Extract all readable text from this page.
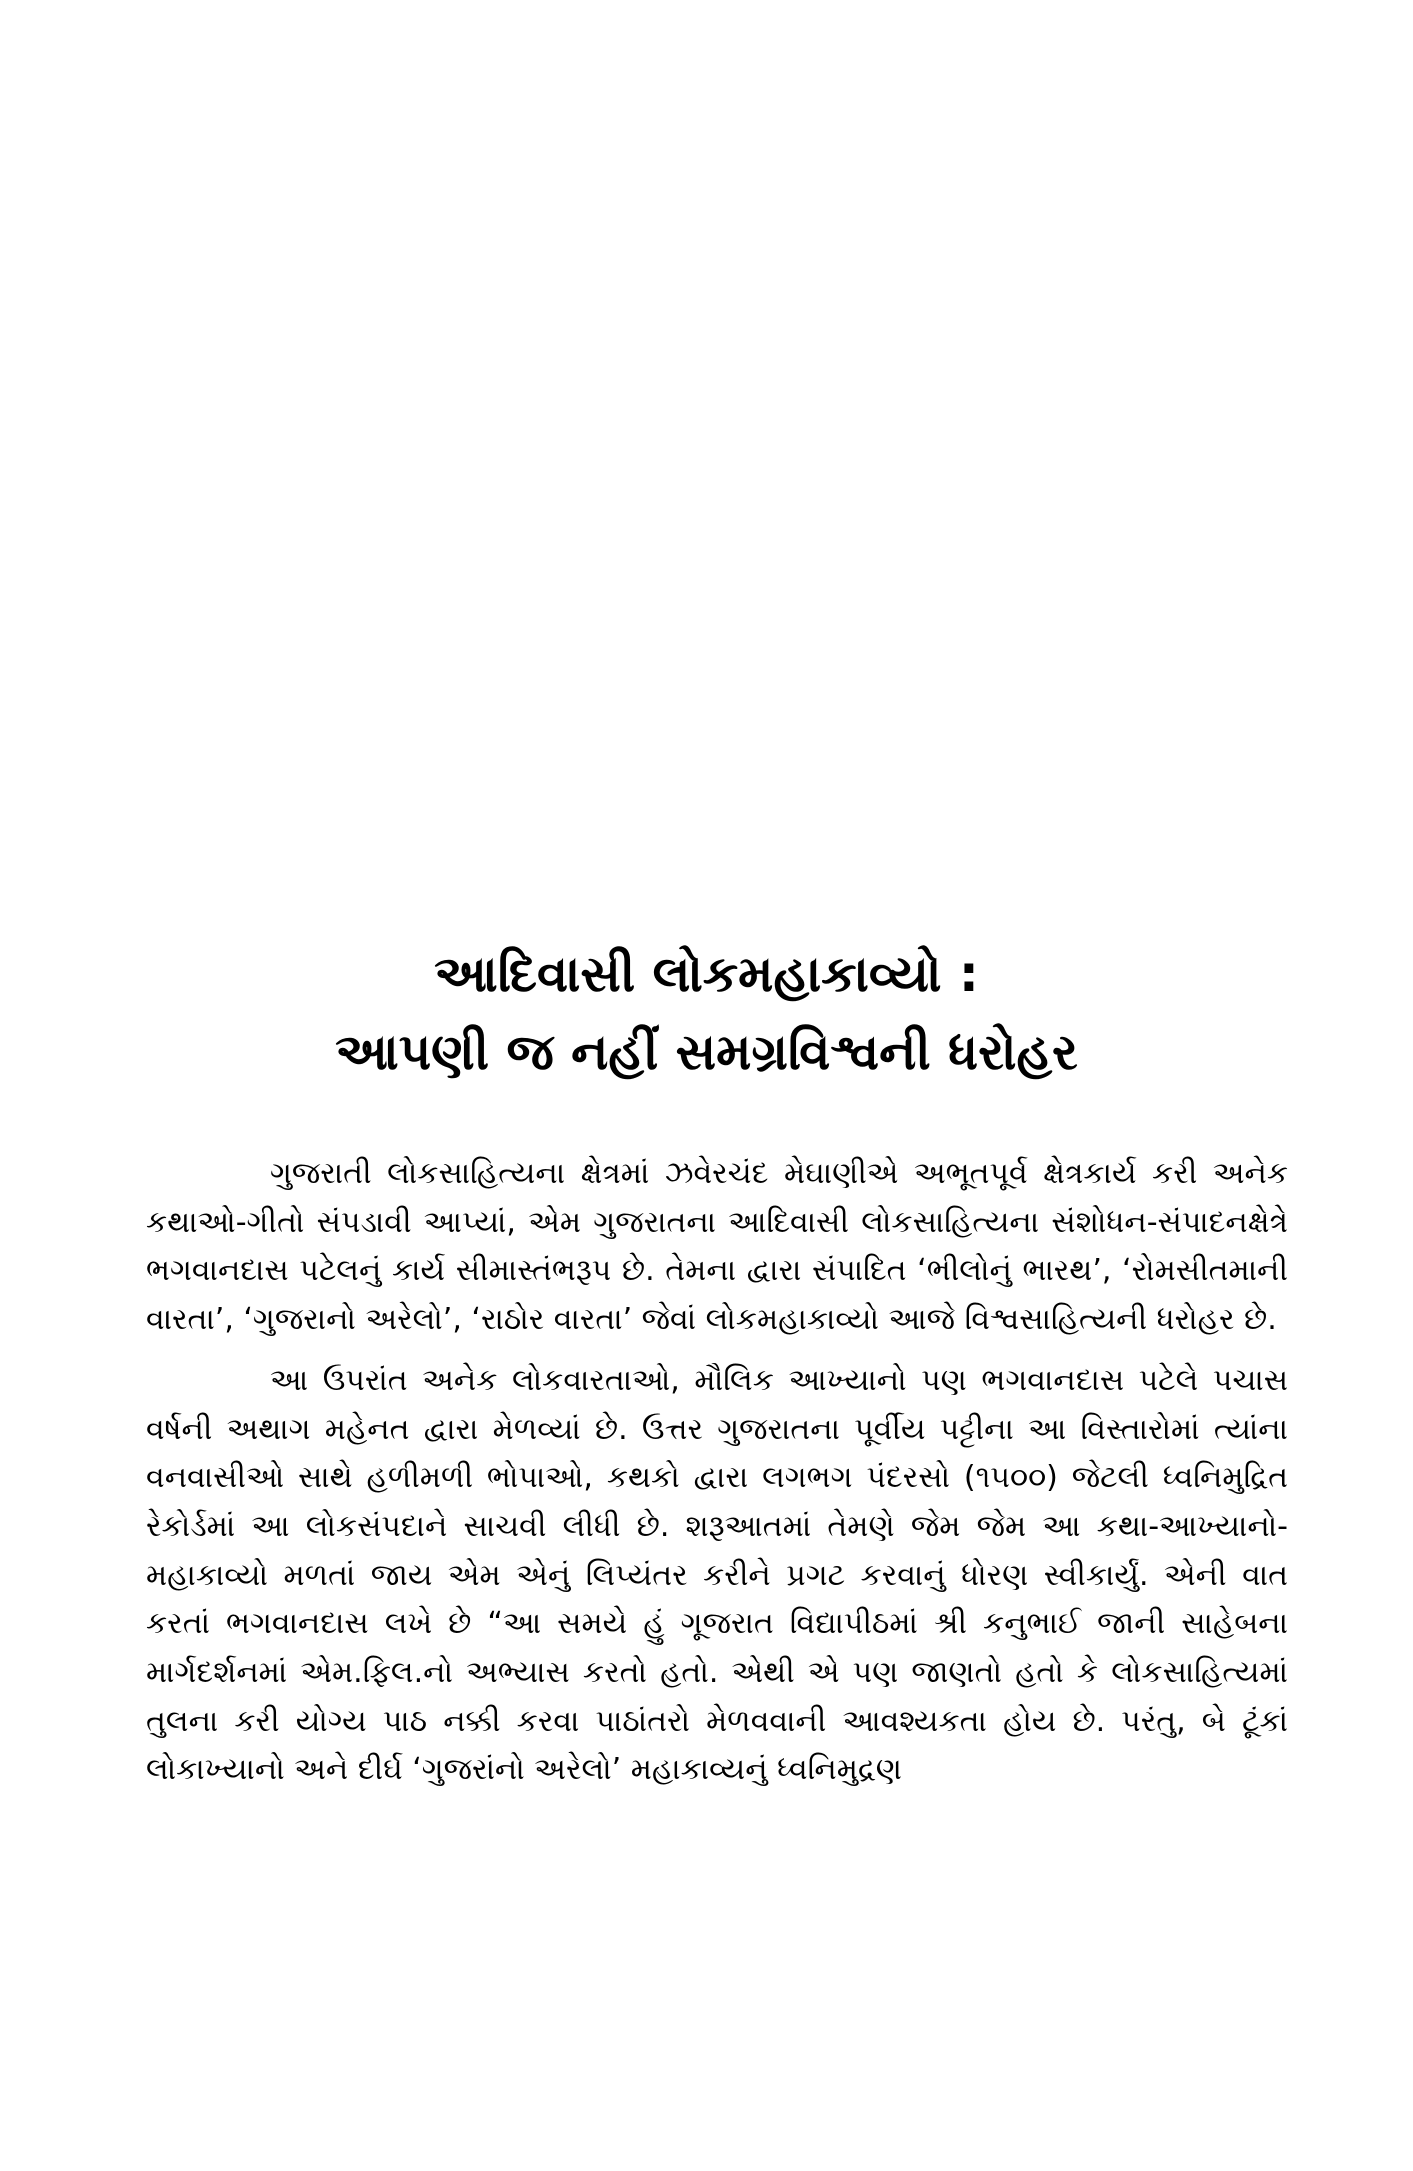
આદિવાસી લોકમહાકાવ્યો :
આપણી જ નહીં સમગ્રવિશ્વની ધરોહર

ગુજરાતી લોકસાહિત્યના ક્ષેત્રમાં ઝવેરચંદ મેઘાણીએ અભૂતપૂર્વ ક્ષેત્રકાર્ય કરી અનેક કથાઓ-ગીતો સંપડાવી આપ્યાં, એમ ગુજરાતના આદિવાસી લોકસાહિત્યના સંશોધન-સંપાદનક્ષેત્રે ભગવાનદાસ પટેલનું કાર્ય સીમાસ્તંભરૂપ છે. તેમના દ્વારા સંપાદિત ‘ભીલોનું ભારથ’, ‘રોમસીતમાની વારતા’, ‘ગુજરાનો અરેલો’, ‘રાઠોર વારતા’ જેવાં લોકમહાકાવ્યો આજે વિશ્વસાહિત્યની ધરોહર છે.

આ ઉપરાંત અનેક લોકવારતાઓ, મૌલિક આખ્યાનો પણ ભગવાનદાસ પટેલે પચાસ વર્ષની અથાગ મહેનત દ્વારા મેળવ્યાં છે. ઉત્તર ગુજરાતના પૂર્વીય પટ્ટીના આ વિસ્તારોમાં ત્યાંના વનવાસીઓ સાથે હળીમળી ભોપાઓ, કથકો દ્વારા લગભગ પંદરસો (૧૫૦૦) જેટલી ધ્વનિમુદ્રિત રેકોર્ડમાં આ લોકસંપદાને સાચવી લીધી છે. શરૂઆતમાં તેમણે જેમ જેમ આ કથા-આખ્યાનો-મહાકાવ્યો મળતાં જાય એમ એનું લિપ્યંતર કરીને પ્રગટ કરવાનું ધોરણ સ્વીકાર્યું. એની વાત કરતાં ભગવાનદાસ લખે છે “આ સમયે હું ગૂજરાત વિદ્યાપીઠમાં શ્રી કનુભાઈ જાની સાહેબના માર્ગદર્શનમાં એમ.ફિલ.નો અભ્યાસ કરતો હતો. એથી એ પણ જાણતો હતો કે લોકસાહિત્યમાં તુલના કરી યોગ્ય પાઠ નક્કી કરવા પાઠાંતરો મેળવવાની આવશ્યકતા હોય છે. પરંતુ, બે ટૂંકાં લોકાખ્યાનો અને દીર્ઘ ‘ગુજરાંનો અરેલો’ મહાકાવ્યનું ધ્વનિમુદ્રણ
